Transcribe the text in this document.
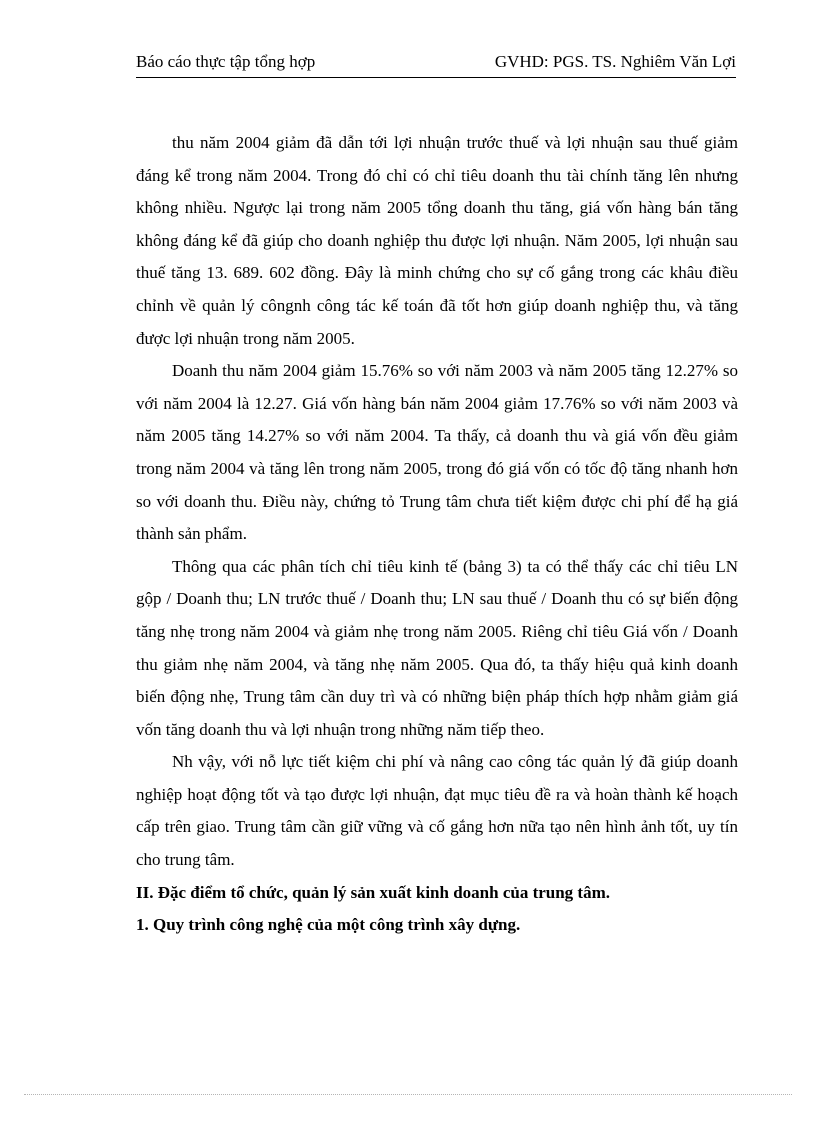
Báo cáo thực tập tổng hợp	GVHD: PGS. TS. Nghiêm Văn Lợi

thu năm 2004 giảm đã dẫn tới lợi nhuận trước thuế và lợi nhuận sau thuế giảm đáng kể trong năm 2004. Trong đó chỉ có chỉ tiêu doanh thu tài chính tăng lên nhưng không nhiều. Ngược lại trong năm 2005 tổng doanh thu tăng, giá vốn hàng bán tăng không đáng kể đã giúp cho doanh nghiệp thu được lợi nhuận. Năm 2005, lợi nhuận sau thuế tăng 13. 689. 602 đồng. Đây là minh chứng cho sự cố gắng trong các khâu điều chỉnh về quản lý côngnh công tác kế toán đã tốt hơn giúp doanh nghiệp thu, và tăng được lợi nhuận trong năm 2005.

Doanh thu năm 2004 giảm 15.76% so với năm 2003 và năm 2005 tăng 12.27% so với năm 2004 là 12.27. Giá vốn hàng bán năm 2004 giảm 17.76% so với năm 2003 và năm 2005 tăng 14.27% so với năm 2004. Ta thấy, cả doanh thu và giá vốn đều giảm trong năm 2004 và tăng lên trong năm 2005, trong đó giá vốn có tốc độ tăng nhanh hơn so với doanh thu. Điều này, chứng tỏ Trung tâm chưa tiết kiệm được chi phí để hạ giá thành sản phẩm.

Thông qua các phân tích chỉ tiêu kinh tế (bảng 3) ta có thể thấy các chỉ tiêu LN gộp / Doanh thu; LN trước thuế / Doanh thu; LN sau thuế / Doanh thu có sự biến động tăng nhẹ trong năm 2004 và giảm nhẹ trong năm 2005. Riêng chỉ tiêu Giá vốn / Doanh thu giảm nhẹ năm 2004, và tăng nhẹ năm 2005. Qua đó, ta thấy hiệu quả kinh doanh biến động nhẹ, Trung tâm cần duy trì và có những biện pháp thích hợp nhằm giảm giá vốn tăng doanh thu và lợi nhuận trong những năm tiếp theo.

Nh vậy, với nỗ lực tiết kiệm chi phí và nâng cao công tác quản lý đã giúp doanh nghiệp hoạt động tốt và tạo được lợi nhuận, đạt mục tiêu đề ra và hoàn thành kế hoạch cấp trên giao. Trung tâm cần giữ vững và cố gắng hơn nữa tạo nên hình ảnh tốt, uy tín cho trung tâm.

II. Đặc điểm tổ chức, quản lý sản xuất kinh doanh của trung tâm.
1. Quy trình công nghệ của một công trình xây dựng.
